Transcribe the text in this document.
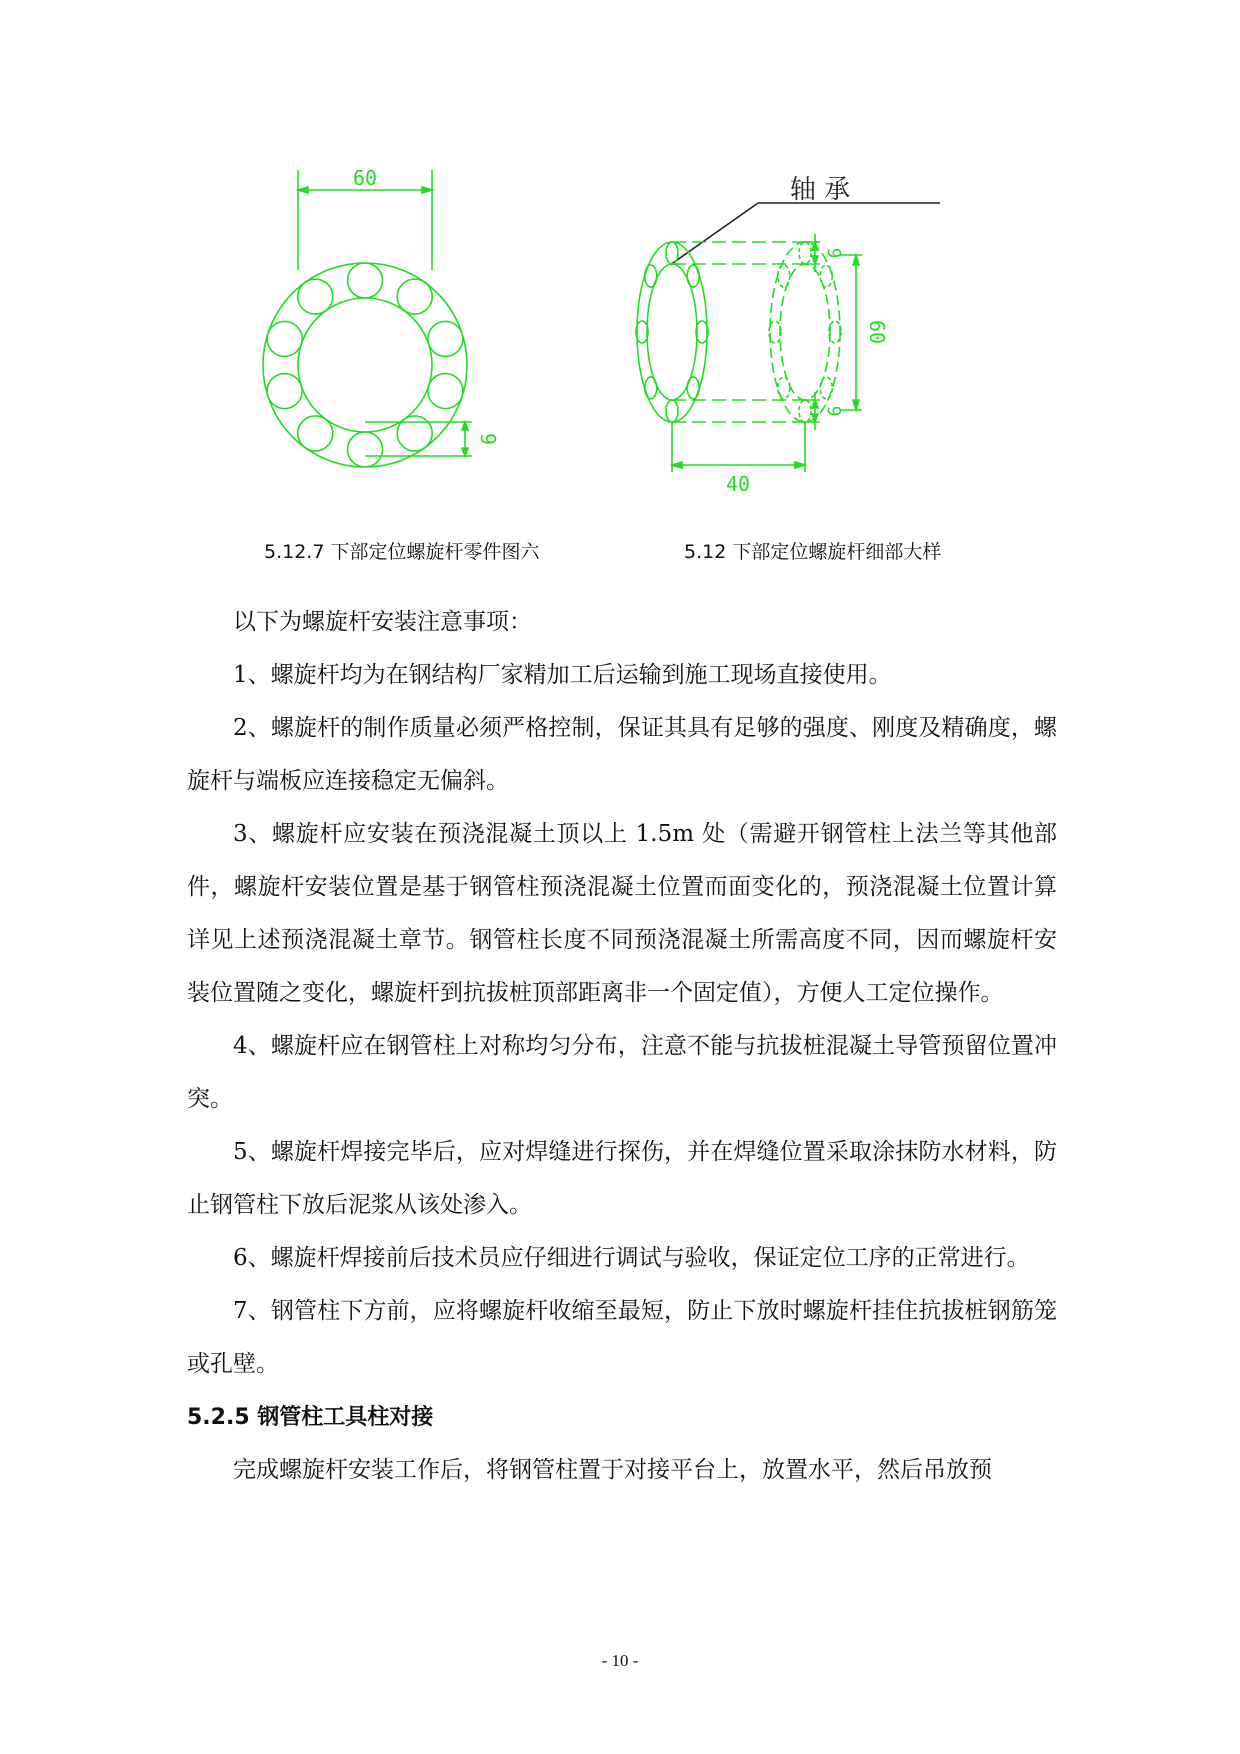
60
9
轴 承
9
9
60
40
5.12.7 下部定位螺旋杆零件图六	5.12 下部定位螺旋杆细部大样

以下为螺旋杆安装注意事项：

1、螺旋杆均为在钢结构厂家精加工后运输到施工现场直接使用。

2、螺旋杆的制作质量必须严格控制，保证其具有足够的强度、刚度及精确度，螺旋杆与端板应连接稳定无偏斜。

3、螺旋杆应安装在预浇混凝土顶以上 1.5m 处（需避开钢管柱上法兰等其他部件，螺旋杆安装位置是基于钢管柱预浇混凝土位置而面变化的，预浇混凝土位置计算详见上述预浇混凝土章节。钢管柱长度不同预浇混凝土所需高度不同，因而螺旋杆安装位置随之变化，螺旋杆到抗拔桩顶部距离非一个固定值），方便人工定位操作。

4、螺旋杆应在钢管柱上对称均匀分布，注意不能与抗拔桩混凝土导管预留位置冲突。

5、螺旋杆焊接完毕后，应对焊缝进行探伤，并在焊缝位置采取涂抹防水材料，防止钢管柱下放后泥浆从该处渗入。

6、螺旋杆焊接前后技术员应仔细进行调试与验收，保证定位工序的正常进行。

7、钢管柱下方前，应将螺旋杆收缩至最短，防止下放时螺旋杆挂住抗拔桩钢筋笼或孔壁。

5.2.5 钢管柱工具柱对接

完成螺旋杆安装工作后，将钢管柱置于对接平台上，放置水平，然后吊放预

- 10 -
